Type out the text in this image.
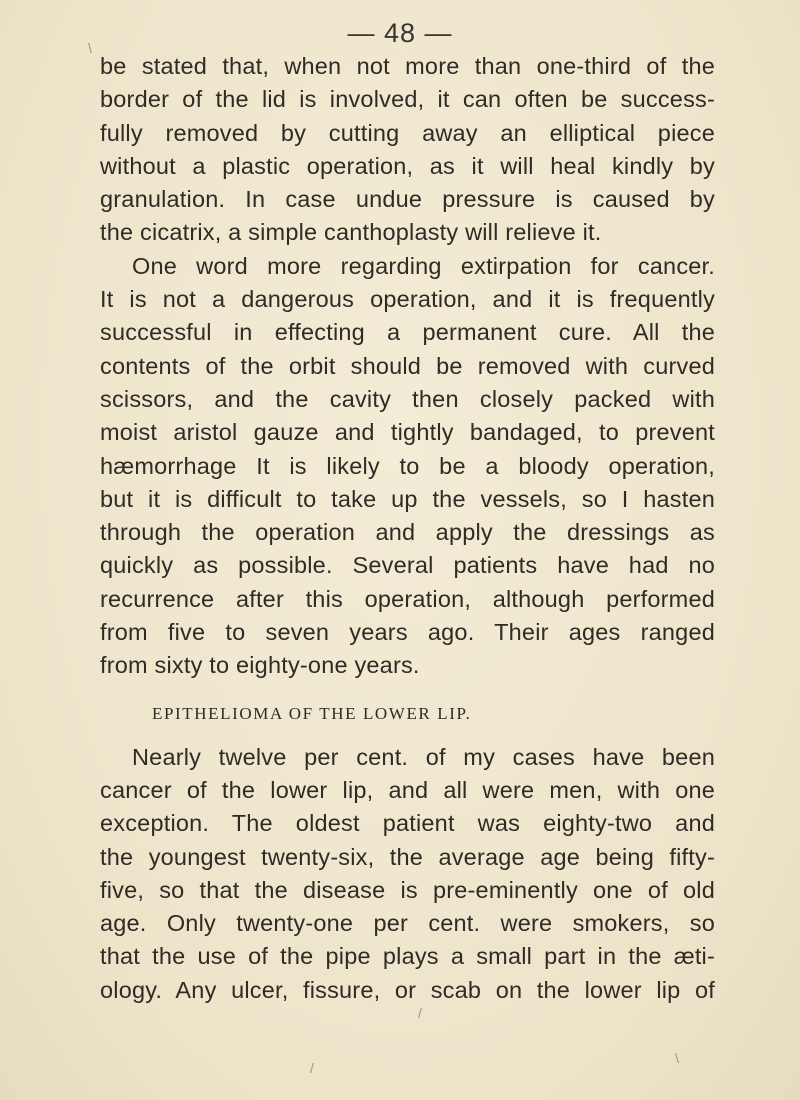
— 48 —
be stated that, when not more than one-third of the
border of the lid is involved, it can often be success-
fully removed by cutting away an elliptical piece
without a plastic operation, as it will heal kindly by
granulation. In case undue pressure is caused by
the cicatrix, a simple canthoplasty will relieve it.
One word more regarding extirpation for cancer.
It is not a dangerous operation, and it is frequently
successful in effecting a permanent cure. All the
contents of the orbit should be removed with curved
scissors, and the cavity then closely packed with
moist aristol gauze and tightly bandaged, to prevent
hæmorrhage It is likely to be a bloody operation,
but it is difficult to take up the vessels, so I hasten
through the operation and apply the dressings as
quickly as possible. Several patients have had no
recurrence after this operation, although performed
from five to seven years ago. Their ages ranged
from sixty to eighty-one years.
EPITHELIOMA OF THE LOWER LIP.
Nearly twelve per cent. of my cases have been
cancer of the lower lip, and all were men, with one
exception. The oldest patient was eighty-two and
the youngest twenty-six, the average age being fifty-
five, so that the disease is pre-eminently one of old
age. Only twenty-one per cent. were smokers, so
that the use of the pipe plays a small part in the æti-
ology. Any ulcer, fissure, or scab on the lower lip of
\
/
/
\
